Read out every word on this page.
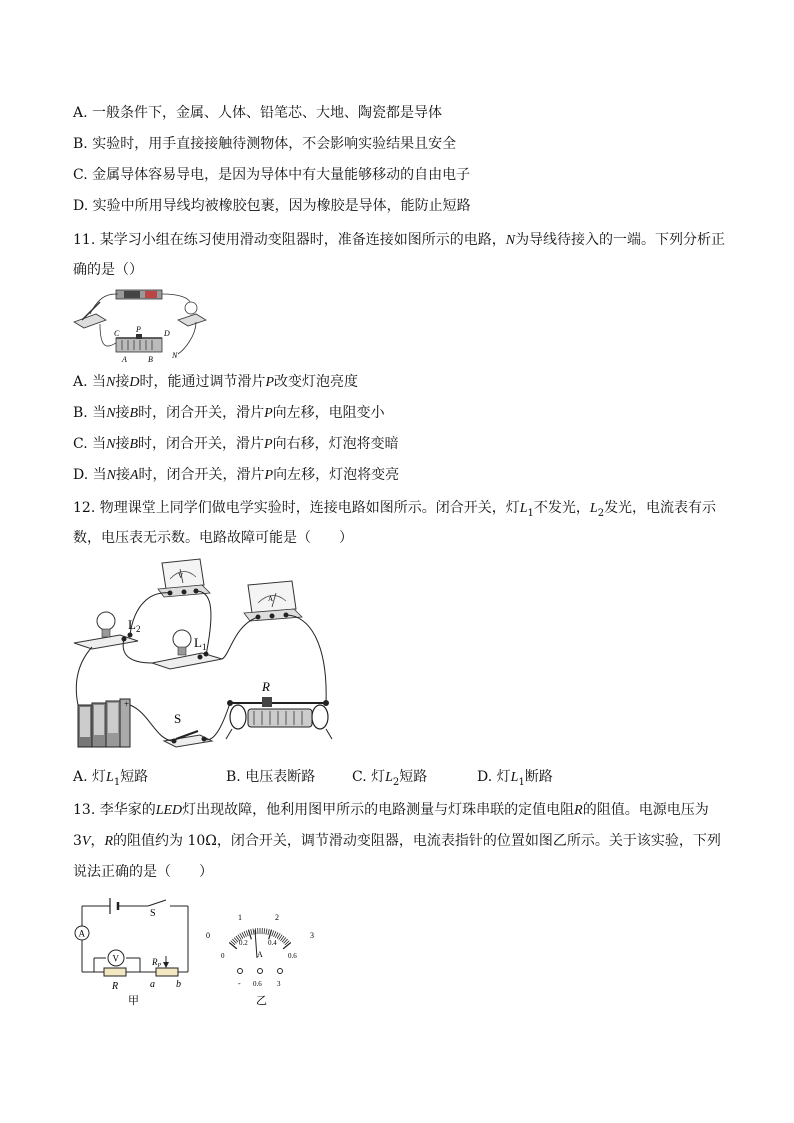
A. 一般条件下，金属、人体、铅笔芯、大地、陶瓷都是导体
B. 实验时，用手直接接触待测物体，不会影响实验结果且安全
C. 金属导体容易导电，是因为导体中有大量能够移动的自由电子
D. 实验中所用导线均被橡胶包裹，因为橡胶是导体，能防止短路
11. 某学习小组在练习使用滑动变阻器时，准备连接如图所示的电路，N为导线待接入的一端。下列分析正
确的是（）
C P	D
A	B N
A. 当N接D时，能通过调节滑片P改变灯泡亮度
B. 当N接B时，闭合开关，滑片P向左移，电阻变小
C. 当N接B时，闭合开关，滑片P向右移，灯泡将变暗
D. 当N接A时，闭合开关，滑片P向左移，灯泡将变亮
12. 物理课堂上同学们做电学实验时，连接电路如图所示。闭合开关，灯$L_1$不发光，$L_2$发光，电流表有示
数，电压表无示数。电路故障可能是（　　）
V
A
$L_2$
$L_1$
+
S
R
A. 灯$L_1$短路	B. 电压表断路	C. 灯$L_2$短路	D. 灯$L_1$断路
13. 李华家的LED灯出现故障，他利用图甲所示的电路测量与灯珠串联的定值电阻R的阻值。电源电压为
3V，R的阻值约为 10Ω，闭合开关，调节滑动变阻器，电流表指针的位置如图乙所示。关于该实验，下列
说法正确的是（　　）
A
V
S
R
$R_P$
a b
甲
0
1	2
3
0
0.2	0.4
0.6
A
- 0.6 3
乙
